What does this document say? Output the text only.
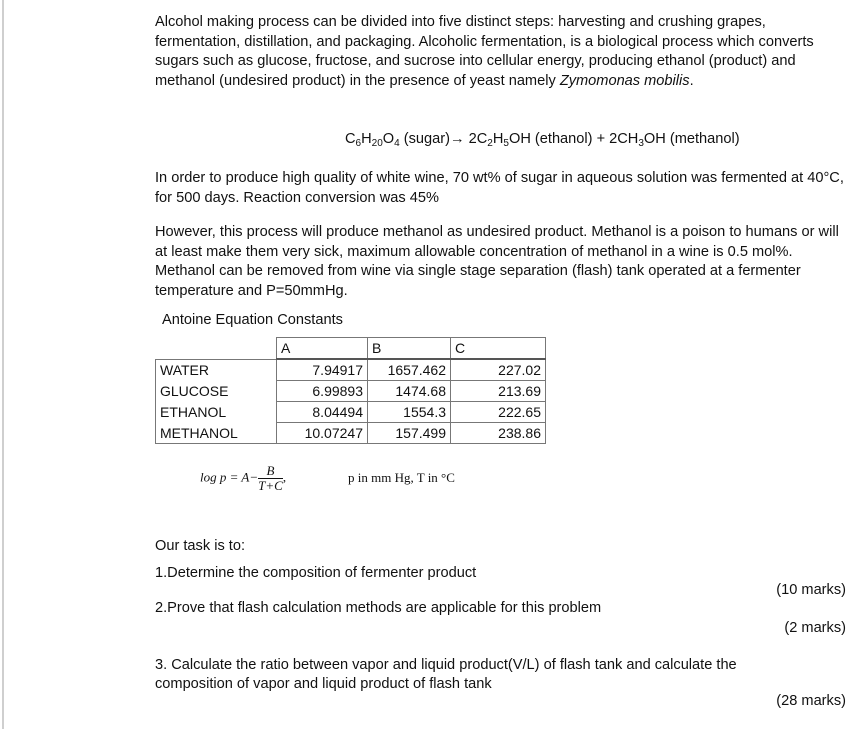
Alcohol making process can be divided into five distinct steps: harvesting and crushing grapes, fermentation, distillation, and packaging. Alcoholic fermentation, is a biological process which converts sugars such as glucose, fructose, and sucrose into cellular energy, producing ethanol (product) and methanol (undesired product) in the presence of yeast namely Zymomonas mobilis.

$C_6H_{20}O_4$ (sugar)→ $2C_2H_5OH$ (ethanol) + $2CH_3OH$ (methanol)

In order to produce high quality of white wine, 70 wt% of sugar in aqueous solution was fermented at 40°C, for 500 days. Reaction conversion was 45%

However, this process will produce methanol as undesired product. Methanol is a poison to humans or will at least make them very sick, maximum allowable concentration of methanol in a wine is 0.5 mol%. Methanol can be removed from wine via single stage separation (flash) tank operated at a fermenter temperature and P=50mmHg.

Antoine Equation Constants
	A	B	C
WATER	7.94917	1657.462	227.02
GLUCOSE	6.99893	1474.68	213.69
ETHANOL	8.04494	1554.3	222.65
METHANOL	10.07247	157.499	238.86
$\log p = A- \frac{B}{T+C}$ ,	p in mm Hg, T in °C

Our task is to:

1.Determine the composition of fermenter product

(10 marks)

2.Prove that flash calculation methods are applicable for this problem

(2 marks)

3. Calculate the ratio between vapor and liquid product(V/L) of flash tank and calculate the

composition of vapor and liquid product of flash tank

(28 marks)
